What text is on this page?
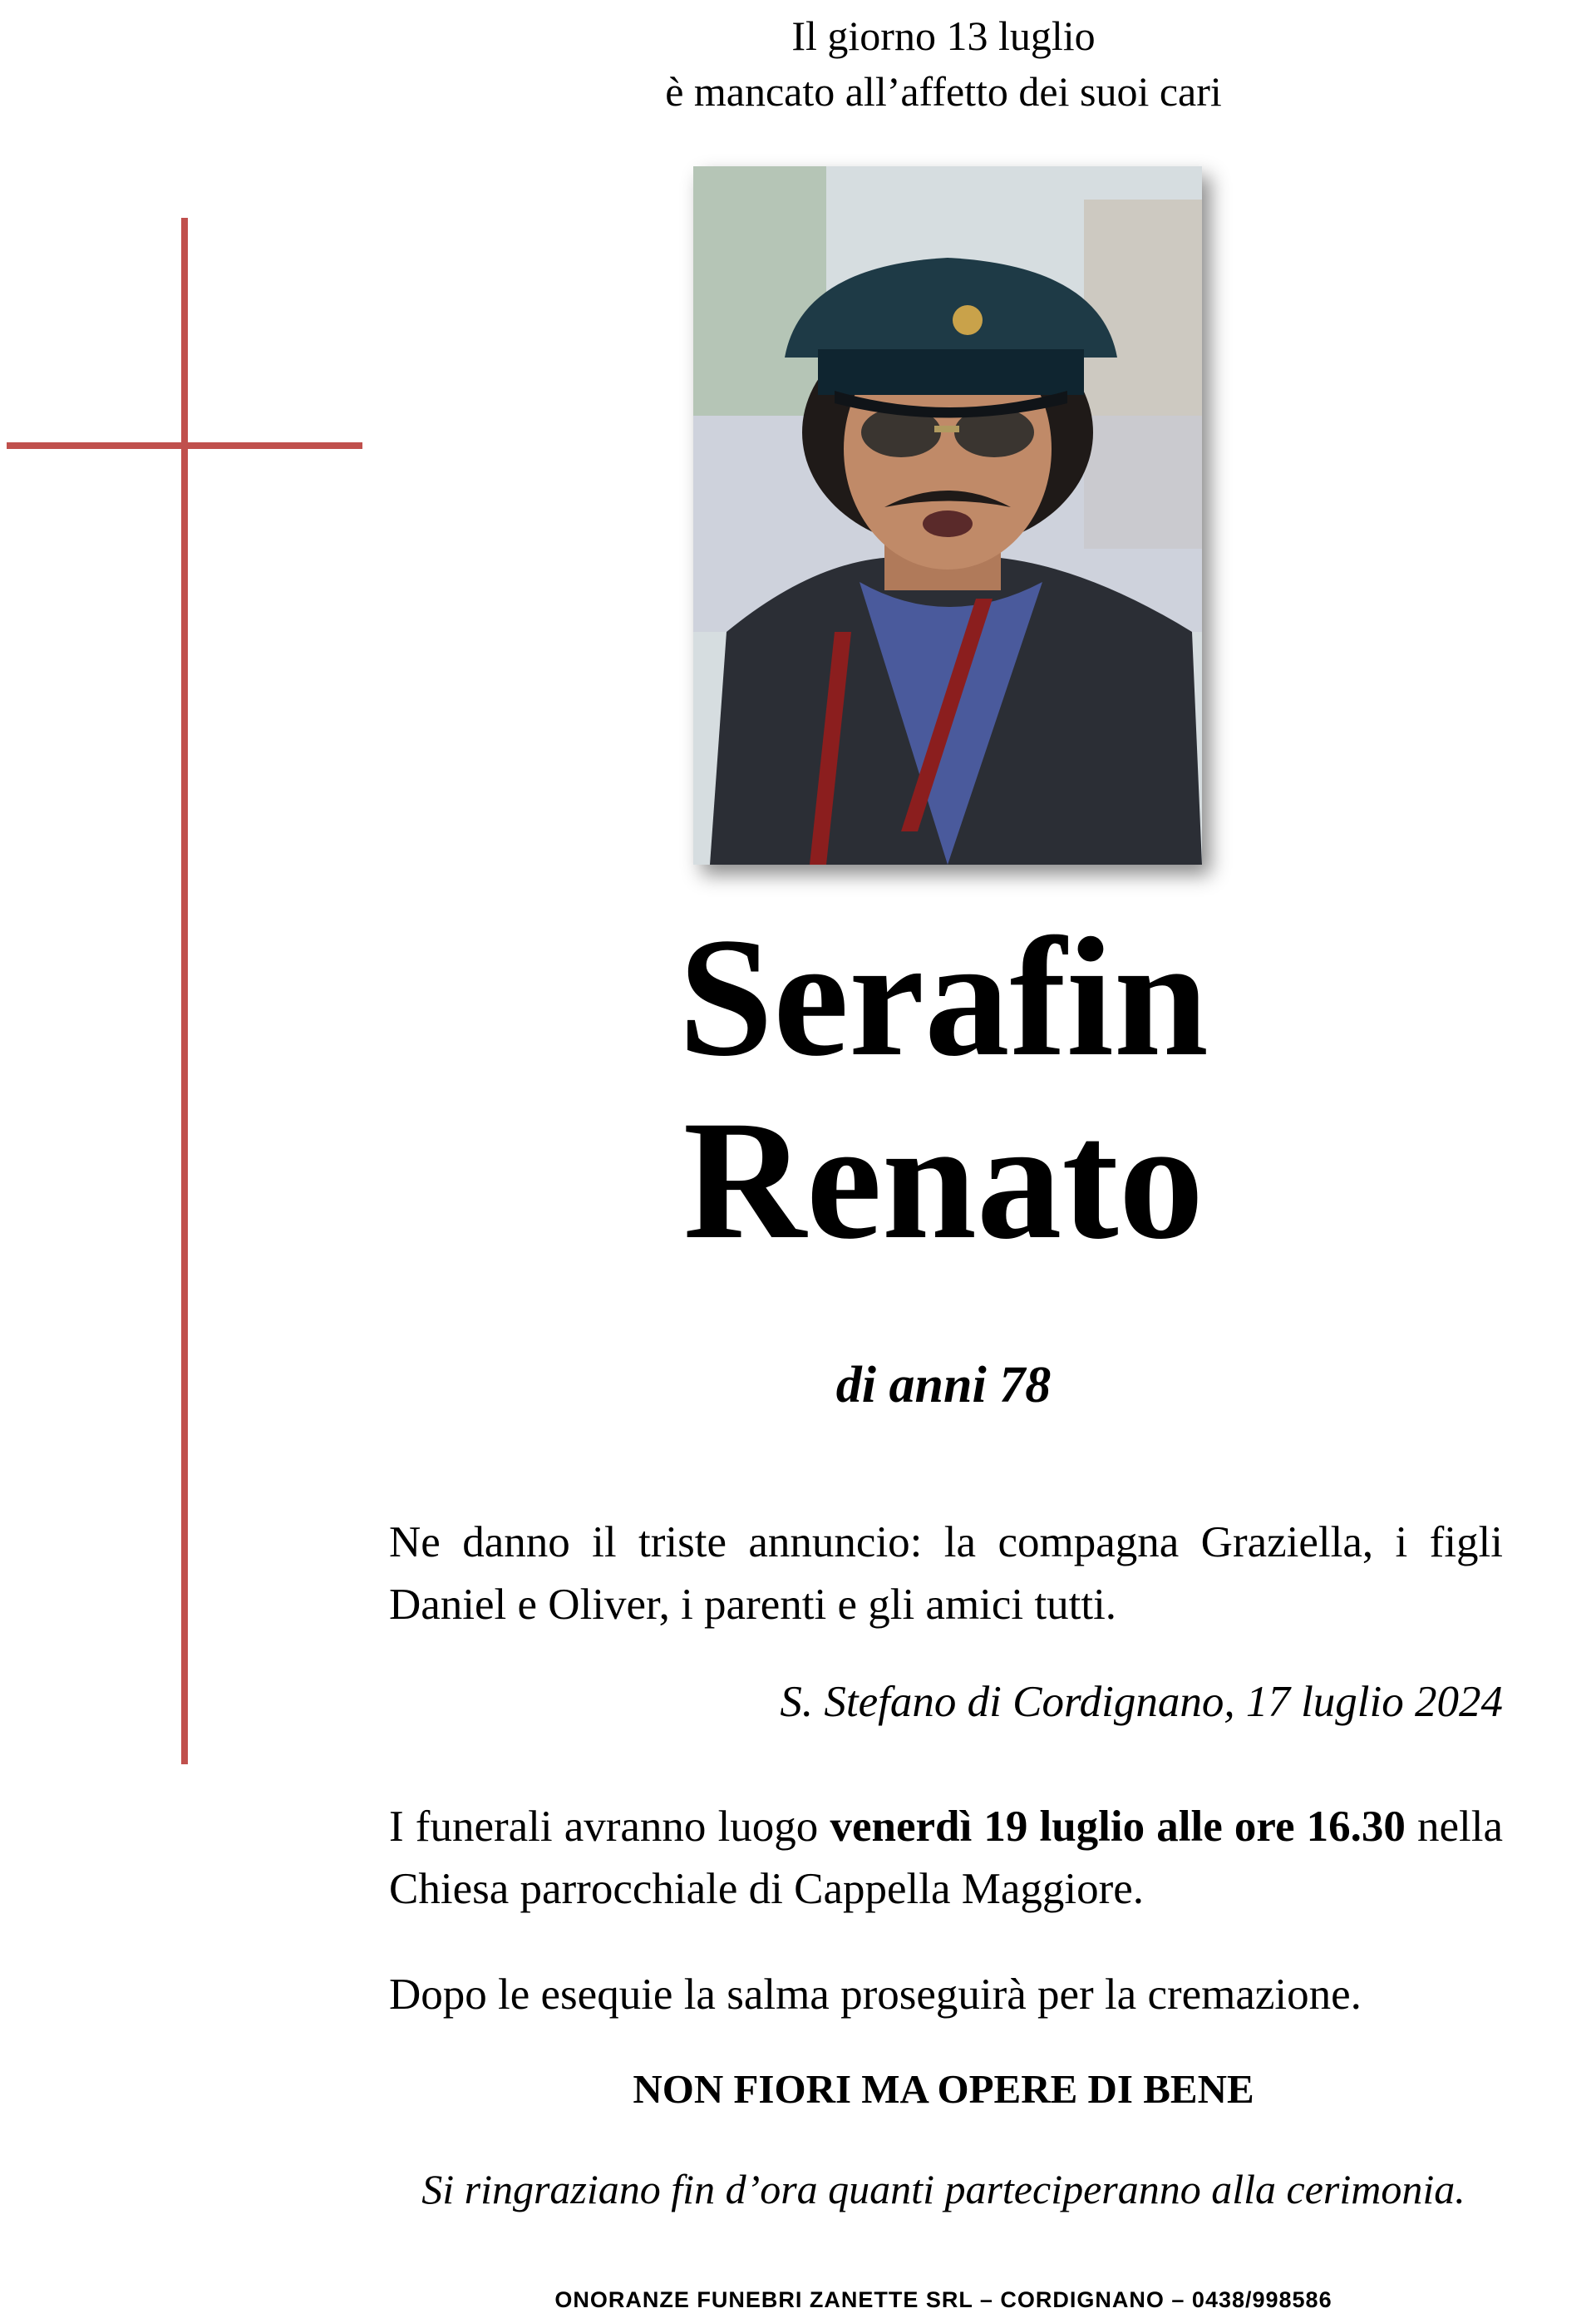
Il giorno 13 luglio
è mancato all’affetto dei suoi cari
Serafin
Renato
di anni 78
Ne danno il triste annuncio: la compagna Graziella, i figli Daniel e Oliver, i parenti e gli amici tutti.
S. Stefano di Cordignano, 17 luglio 2024
I funerali avranno luogo venerdì 19 luglio alle ore 16.30 nella Chiesa parrocchiale di Cappella Maggiore.
Dopo le esequie la salma proseguirà per la cremazione.
NON FIORI MA OPERE DI BENE
Si ringraziano fin d’ora quanti parteciperanno alla cerimonia.
ONORANZE FUNEBRI ZANETTE SRL – CORDIGNANO – 0438/998586
